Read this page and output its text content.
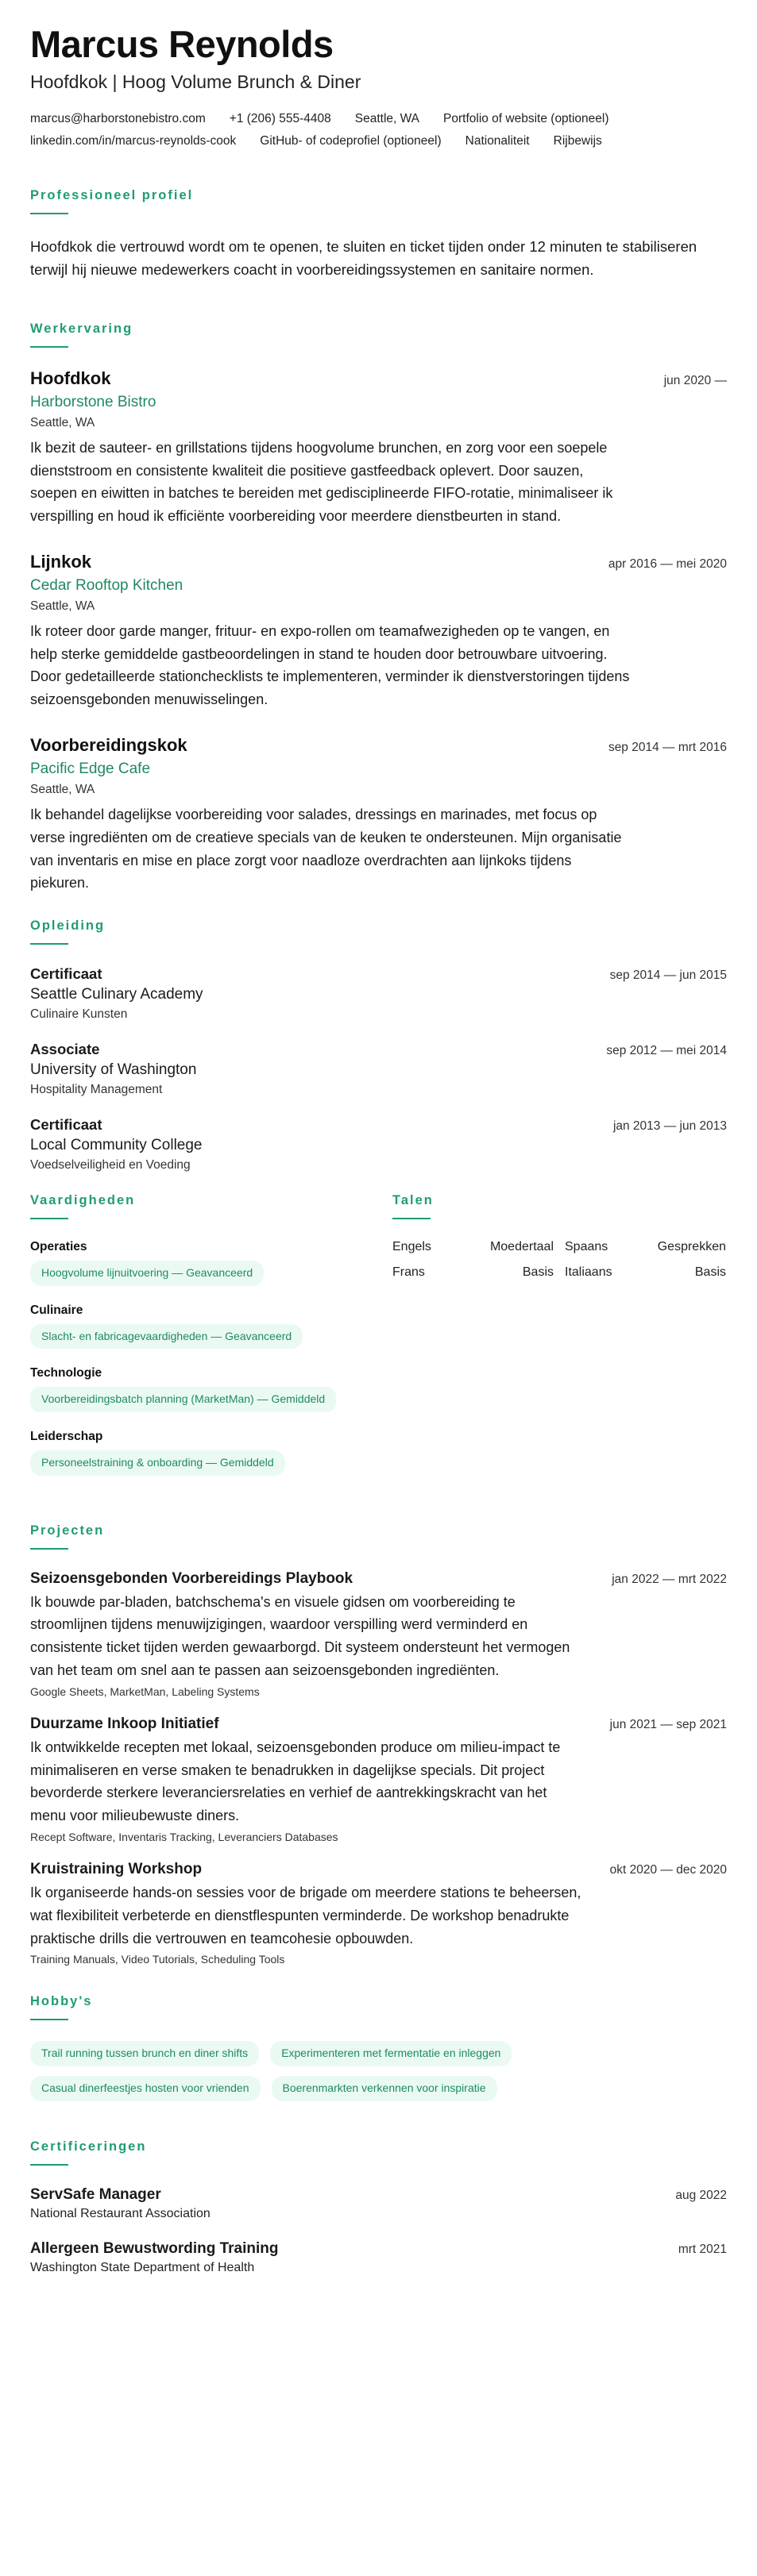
Marcus Reynolds
Hoofdkok | Hoog Volume Brunch & Diner
marcus@harborstonebistro.com +1 (206) 555-4408 Seattle, WA Portfolio of website (optioneel)
linkedin.com/in/marcus-reynolds-cook GitHub- of codeprofiel (optioneel) Nationaliteit Rijbewijs
Professioneel profiel
Hoofdkok die vertrouwd wordt om te openen, te sluiten en ticket tijden onder 12 minuten te stabiliseren terwijl hij nieuwe medewerkers coacht in voorbereidingssystemen en sanitaire normen.
Werkervaring
Hoofdkok	jun 2020 —
Harborstone Bistro
Seattle, WA
Ik bezit de sauteer- en grillstations tijdens hoogvolume brunchen, en zorg voor een soepele dienststroom en consistente kwaliteit die positieve gastfeedback oplevert. Door sauzen, soepen en eiwitten in batches te bereiden met gedisciplineerde FIFO-rotatie, minimaliseer ik verspilling en houd ik efficiënte voorbereiding voor meerdere dienstbeurten in stand.
Lijnkok	apr 2016 — mei 2020
Cedar Rooftop Kitchen
Seattle, WA
Ik roteer door garde manger, frituur- en expo-rollen om teamafwezigheden op te vangen, en help sterke gemiddelde gastbeoordelingen in stand te houden door betrouwbare uitvoering. Door gedetailleerde stationchecklists te implementeren, verminder ik dienstverstoringen tijdens seizoensgebonden menuwisselingen.
Voorbereidingskok	sep 2014 — mrt 2016
Pacific Edge Cafe
Seattle, WA
Ik behandel dagelijkse voorbereiding voor salades, dressings en marinades, met focus op verse ingrediënten om de creatieve specials van de keuken te ondersteunen. Mijn organisatie van inventaris en mise en place zorgt voor naadloze overdrachten aan lijnkoks tijdens piekuren.
Opleiding
Certificaat	sep 2014 — jun 2015
Seattle Culinary Academy
Culinaire Kunsten
Associate	sep 2012 — mei 2014
University of Washington
Hospitality Management
Certificaat	jan 2013 — jun 2013
Local Community College
Voedselveiligheid en Voeding
Vaardigheden
Operaties
Hoogvolume lijnuitvoering — Geavanceerd
Culinaire
Slacht- en fabricagevaardigheden — Geavanceerd
Technologie
Voorbereidingsbatch planning (MarketMan) — Gemiddeld
Leiderschap
Personeelstraining & onboarding — Gemiddeld
Talen
Engels	Moedertaal Spaans	Gesprekken
Frans	Basis Italiaans	Basis
Projecten
Seizoensgebonden Voorbereidings Playbook	jan 2022 — mrt 2022
Ik bouwde par-bladen, batchschema's en visuele gidsen om voorbereiding te stroomlijnen tijdens menuwijzigingen, waardoor verspilling werd verminderd en consistente ticket tijden werden gewaarborgd. Dit systeem ondersteunt het vermogen van het team om snel aan te passen aan seizoensgebonden ingrediënten.
Google Sheets, MarketMan, Labeling Systems
Duurzame Inkoop Initiatief	jun 2021 — sep 2021
Ik ontwikkelde recepten met lokaal, seizoensgebonden produce om milieu-impact te minimaliseren en verse smaken te benadrukken in dagelijkse specials. Dit project bevorderde sterkere leveranciersrelaties en verhief de aantrekkingskracht van het menu voor milieubewuste diners.
Recept Software, Inventaris Tracking, Leveranciers Databases
Kruistraining Workshop	okt 2020 — dec 2020
Ik organiseerde hands-on sessies voor de brigade om meerdere stations te beheersen, wat flexibiliteit verbeterde en dienstflespunten verminderde. De workshop benadrukte praktische drills die vertrouwen en teamcohesie opbouwden.
Training Manuals, Video Tutorials, Scheduling Tools
Hobby's
Trail running tussen brunch en diner shifts	Experimenteren met fermentatie en inleggen
Casual dinerfeestjes hosten voor vrienden	Boerenmarkten verkennen voor inspiratie
Certificeringen
ServSafe Manager	aug 2022
National Restaurant Association
Allergeen Bewustwording Training	mrt 2021
Washington State Department of Health
